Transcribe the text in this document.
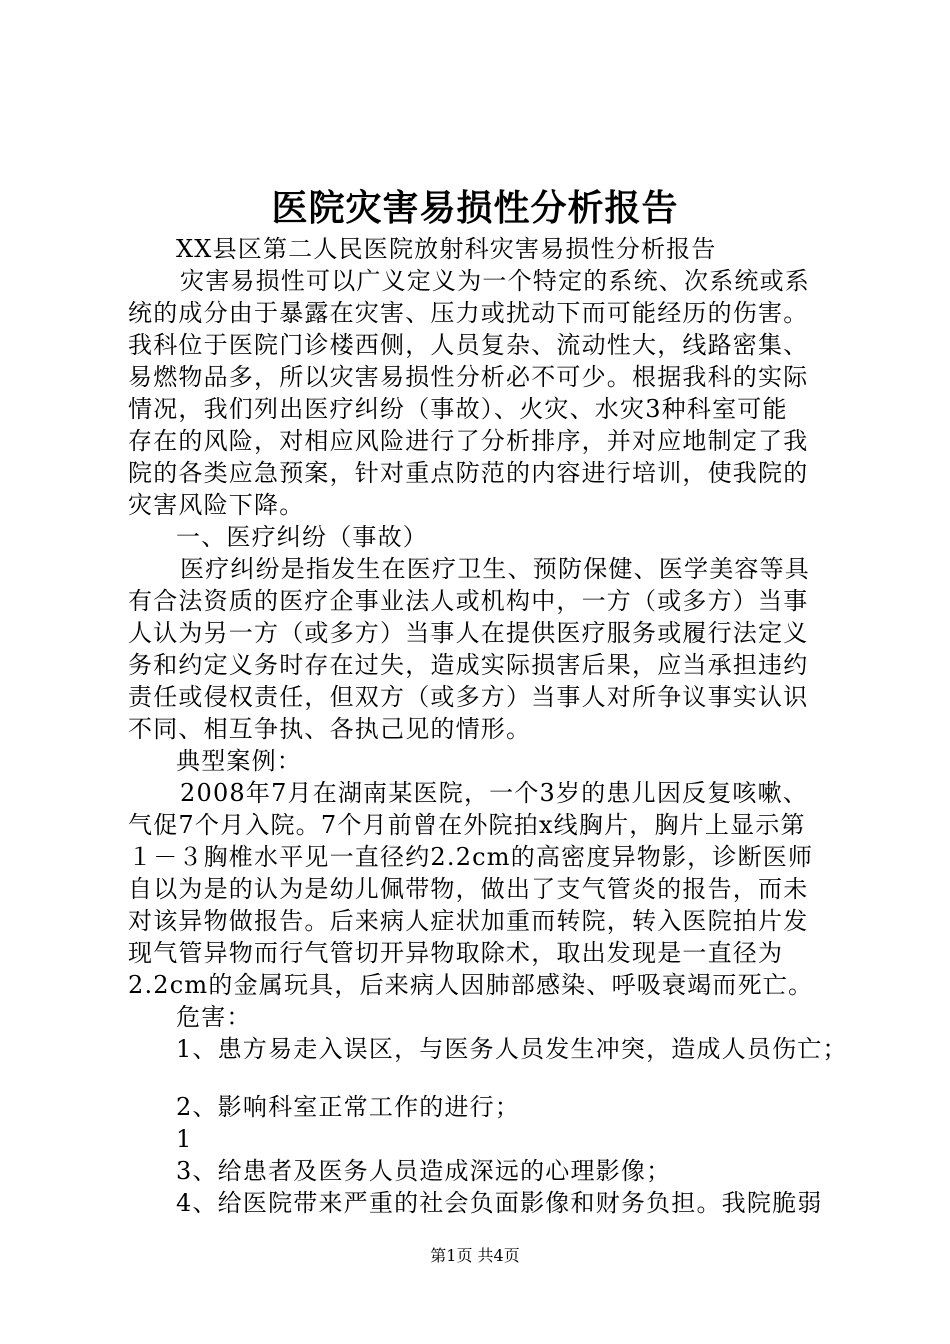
医院灾害易损性分析报告
XX县区第二人民医院放射科灾害易损性分析报告
灾害易损性可以广义定义为一个特定的系统、次系统或系
统的成分由于暴露在灾害、压力或扰动下而可能经历的伤害。
我科位于医院门诊楼西侧，人员复杂、流动性大，线路密集、
易燃物品多，所以灾害易损性分析必不可少。根据我科的实际
情况，我们列出医疗纠纷（事故）、火灾、水灾3种科室可能
存在的风险，对相应风险进行了分析排序，并对应地制定了我
院的各类应急预案，针对重点防范的内容进行培训，使我院的
灾害风险下降。
一、医疗纠纷（事故）
医疗纠纷是指发生在医疗卫生、预防保健、医学美容等具
有合法资质的医疗企事业法人或机构中，一方（或多方）当事
人认为另一方（或多方）当事人在提供医疗服务或履行法定义
务和约定义务时存在过失，造成实际损害后果，应当承担违约
责任或侵权责任，但双方（或多方）当事人对所争议事实认识
不同、相互争执、各执己见的情形。
典型案例：
2008年7月在湖南某医院，一个3岁的患儿因反复咳嗽、
气促7个月入院。7个月前曾在外院拍x线胸片，胸片上显示第
１－３胸椎水平见一直径约2.2cm的高密度异物影，诊断医师
自以为是的认为是幼儿佩带物，做出了支气管炎的报告，而未
对该异物做报告。后来病人症状加重而转院，转入医院拍片发
现气管异物而行气管切开异物取除术，取出发现是一直径为
2.2cm的金属玩具，后来病人因肺部感染、呼吸衰竭而死亡。
危害：
1、患方易走入误区，与医务人员发生冲突，造成人员伤亡；
2、影响科室正常工作的进行；
1
3、给患者及医务人员造成深远的心理影像；
4、给医院带来严重的社会负面影像和财务负担。我院脆弱
第1页 共4页
